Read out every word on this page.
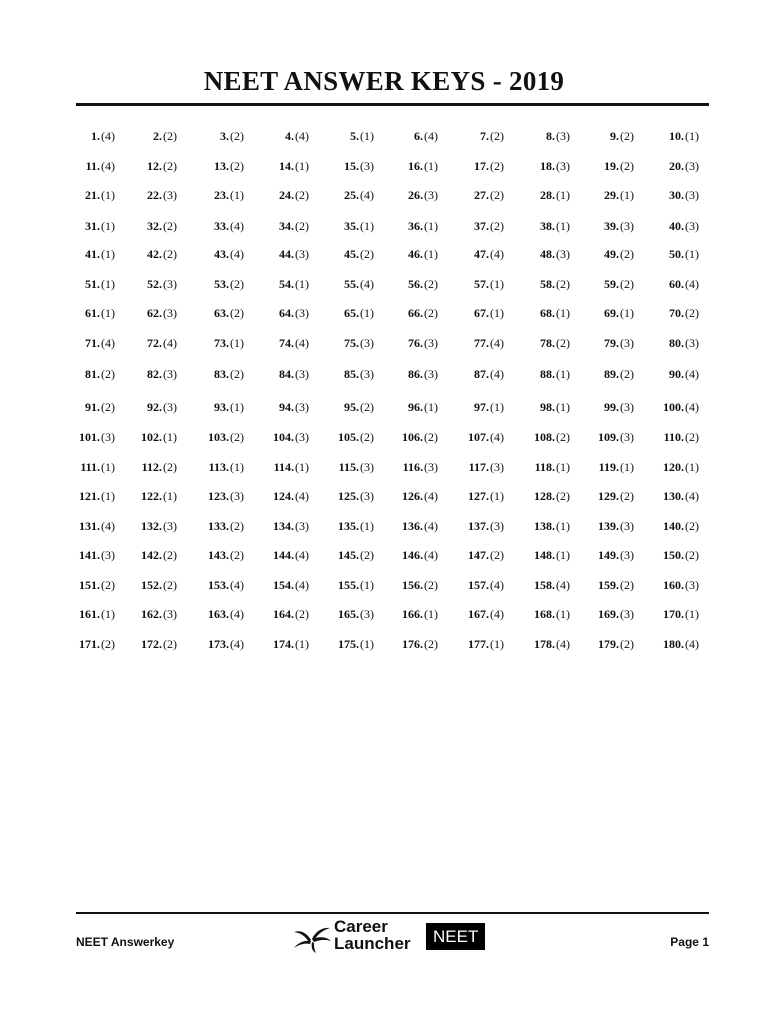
NEET ANSWER KEYS - 2019
1.(4)	2.(2)	3.(2)	4.(4)	5.(1)	6.(4)	7.(2)	8.(3)	9.(2)	10.(1)
11.(4)	12.(2)	13.(2)	14.(1)	15.(3)	16.(1)	17.(2)	18.(3)	19.(2)	20.(3)
21.(1)	22.(3)	23.(1)	24.(2)	25.(4)	26.(3)	27.(2)	28.(1)	29.(1)	30.(3)
31.(1)	32.(2)	33.(4)	34.(2)	35.(1)	36.(1)	37.(2)	38.(1)	39.(3)	40.(3)
41.(1)	42.(2)	43.(4)	44.(3)	45.(2)	46.(1)	47.(4)	48.(3)	49.(2)	50.(1)
51.(1)	52.(3)	53.(2)	54.(1)	55.(4)	56.(2)	57.(1)	58.(2)	59.(2)	60.(4)
61.(1)	62.(3)	63.(2)	64.(3)	65.(1)	66.(2)	67.(1)	68.(1)	69.(1)	70.(2)
71.(4)	72.(4)	73.(1)	74.(4)	75.(3)	76.(3)	77.(4)	78.(2)	79.(3)	80.(3)
81.(2)	82.(3)	83.(2)	84.(3)	85.(3)	86.(3)	87.(4)	88.(1)	89.(2)	90.(4)
91.(2)	92.(3)	93.(1)	94.(3)	95.(2)	96.(1)	97.(1)	98.(1)	99.(3) 100.(4)
101.(3) 102.(1)	103.(2) 104.(3) 105.(2) 106.(2)	107.(4)	108.(2) 109.(3) 110.(2)
111.(1) 112.(2)	113.(1) 114.(1) 115.(3) 116.(3)	117.(3)	118.(1) 119.(1) 120.(1)
121.(1) 122.(1)	123.(3) 124.(4) 125.(3) 126.(4)	127.(1)	128.(2) 129.(2) 130.(4)
131.(4) 132.(3)	133.(2) 134.(3) 135.(1) 136.(4)	137.(3)	138.(1) 139.(3) 140.(2)
141.(3) 142.(2)	143.(2) 144.(4) 145.(2) 146.(4)	147.(2)	148.(1) 149.(3) 150.(2)
151.(2) 152.(2)	153.(4) 154.(4) 155.(1) 156.(2)	157.(4)	158.(4) 159.(2) 160.(3)
161.(1) 162.(3)	163.(4) 164.(2) 165.(3) 166.(1)	167.(4)	168.(1) 169.(3) 170.(1)
171.(2) 172.(2)	173.(4) 174.(1) 175.(1) 176.(2)	177.(1)	178.(4) 179.(2) 180.(4)
NEET Answerkey
Career
Launcher	NEET	Page 1
